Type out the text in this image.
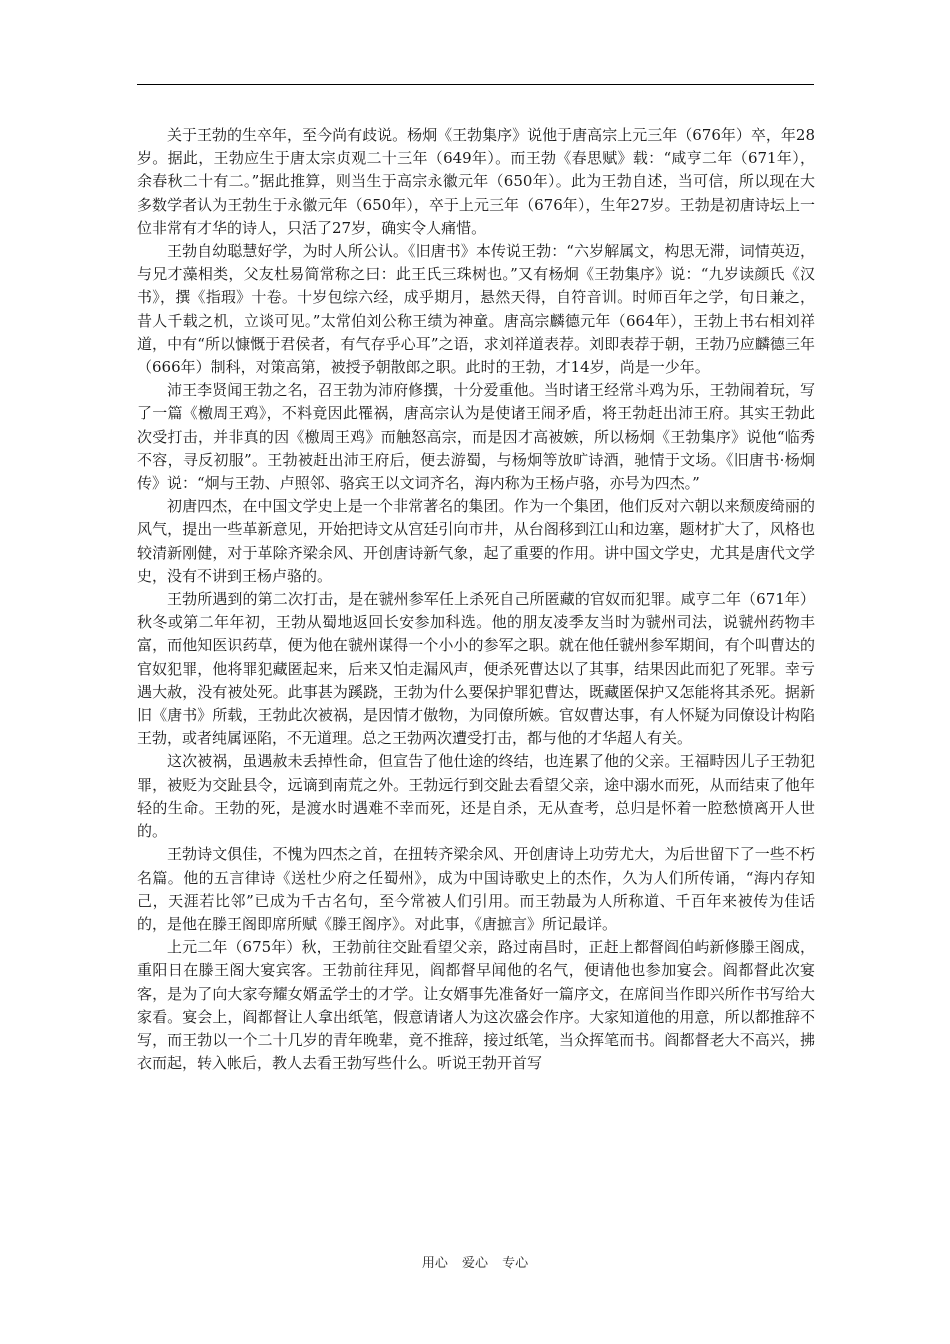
关于王勃的生卒年，至今尚有歧说。杨炯《王勃集序》说他于唐高宗上元三年（676年）卒，年28岁。据此，王勃应生于唐太宗贞观二十三年（649年）。而王勃《春思赋》载：“咸亨二年（671年），余春秋二十有二。”据此推算，则当生于高宗永徽元年（650年）。此为王勃自述，当可信，所以现在大多数学者认为王勃生于永徽元年（650年），卒于上元三年（676年），生年27岁。王勃是初唐诗坛上一位非常有才华的诗人，只活了27岁，确实令人痛惜。

王勃自幼聪慧好学，为时人所公认。《旧唐书》本传说王勃：“六岁解属文，构思无滞，词情英迈，与兄才藻相类，父友杜易简常称之曰：此王氏三珠树也。”又有杨炯《王勃集序》说：“九岁读颜氏《汉书》，撰《指瑕》十卷。十岁包综六经，成乎期月，悬然天得，自符音训。时师百年之学，旬日兼之，昔人千载之机，立谈可见。”太常伯刘公称王绩为神童。唐高宗麟德元年（664年），王勃上书右相刘祥道，中有“所以慷慨于君侯者，有气存乎心耳”之语，求刘祥道表荐。刘即表荐于朝，王勃乃应麟德三年（666年）制科，对策高第，被授予朝散郎之职。此时的王勃，才14岁，尚是一少年。

沛王李贤闻王勃之名，召王勃为沛府修撰，十分爱重他。当时诸王经常斗鸡为乐，王勃闹着玩，写了一篇《檄周王鸡》，不料竟因此罹祸，唐高宗认为是使诸王闹矛盾，将王勃赶出沛王府。其实王勃此次受打击，并非真的因《檄周王鸡》而触怒高宗，而是因才高被嫉，所以杨炯《王勃集序》说他“临秀不容，寻反初服”。王勃被赶出沛王府后，便去游蜀，与杨炯等放旷诗酒，驰情于文场。《旧唐书·杨炯传》说：“炯与王勃、卢照邻、骆宾王以文词齐名，海内称为王杨卢骆，亦号为四杰。”

初唐四杰，在中国文学史上是一个非常著名的集团。作为一个集团，他们反对六朝以来颓废绮丽的风气，提出一些革新意见，开始把诗文从宫廷引向市井，从台阁移到江山和边塞，题材扩大了，风格也较清新刚健，对于革除齐梁余风、开创唐诗新气象，起了重要的作用。讲中国文学史，尤其是唐代文学史，没有不讲到王杨卢骆的。

王勃所遇到的第二次打击，是在虢州参军任上杀死自己所匿藏的官奴而犯罪。咸亨二年（671年）秋冬或第二年年初，王勃从蜀地返回长安参加科选。他的朋友凌季友当时为虢州司法，说虢州药物丰富，而他知医识药草，便为他在虢州谋得一个小小的参军之职。就在他任虢州参军期间，有个叫曹达的官奴犯罪，他将罪犯藏匿起来，后来又怕走漏风声，便杀死曹达以了其事，结果因此而犯了死罪。幸亏遇大赦，没有被处死。此事甚为蹊跷，王勃为什么要保护罪犯曹达，既藏匿保护又怎能将其杀死。据新旧《唐书》所载，王勃此次被祸，是因情才傲物，为同僚所嫉。官奴曹达事，有人怀疑为同僚设计构陷王勃，或者纯属诬陷，不无道理。总之王勃两次遭受打击，都与他的才华超人有关。

这次被祸，虽遇赦未丢掉性命，但宣告了他仕途的终结，也连累了他的父亲。王福畤因儿子王勃犯罪，被贬为交趾县令，远谪到南荒之外。王勃远行到交趾去看望父亲，途中溺水而死，从而结束了他年轻的生命。王勃的死，是渡水时遇难不幸而死，还是自杀，无从查考，总归是怀着一腔愁愤离开人世的。

王勃诗文俱佳，不愧为四杰之首，在扭转齐梁余风、开创唐诗上功劳尤大，为后世留下了一些不朽名篇。他的五言律诗《送杜少府之任蜀州》，成为中国诗歌史上的杰作，久为人们所传诵，“海内存知己，天涯若比邻”已成为千古名句，至今常被人们引用。而王勃最为人所称道、千百年来被传为佳话的，是他在滕王阁即席所赋《滕王阁序》。对此事，《唐摭言》所记最详。

上元二年（675年）秋，王勃前往交趾看望父亲，路过南昌时，正赶上都督阎伯屿新修滕王阁成，重阳日在滕王阁大宴宾客。王勃前往拜见，阎都督早闻他的名气，便请他也参加宴会。阎都督此次宴客，是为了向大家夸耀女婿孟学士的才学。让女婿事先准备好一篇序文，在席间当作即兴所作书写给大家看。宴会上，阎都督让人拿出纸笔，假意请诸人为这次盛会作序。大家知道他的用意，所以都推辞不写，而王勃以一个二十几岁的青年晚辈，竟不推辞，接过纸笔，当众挥笔而书。阎都督老大不高兴，拂衣而起，转入帐后，教人去看王勃写些什么。听说王勃开首写

用心 爱心 专心
